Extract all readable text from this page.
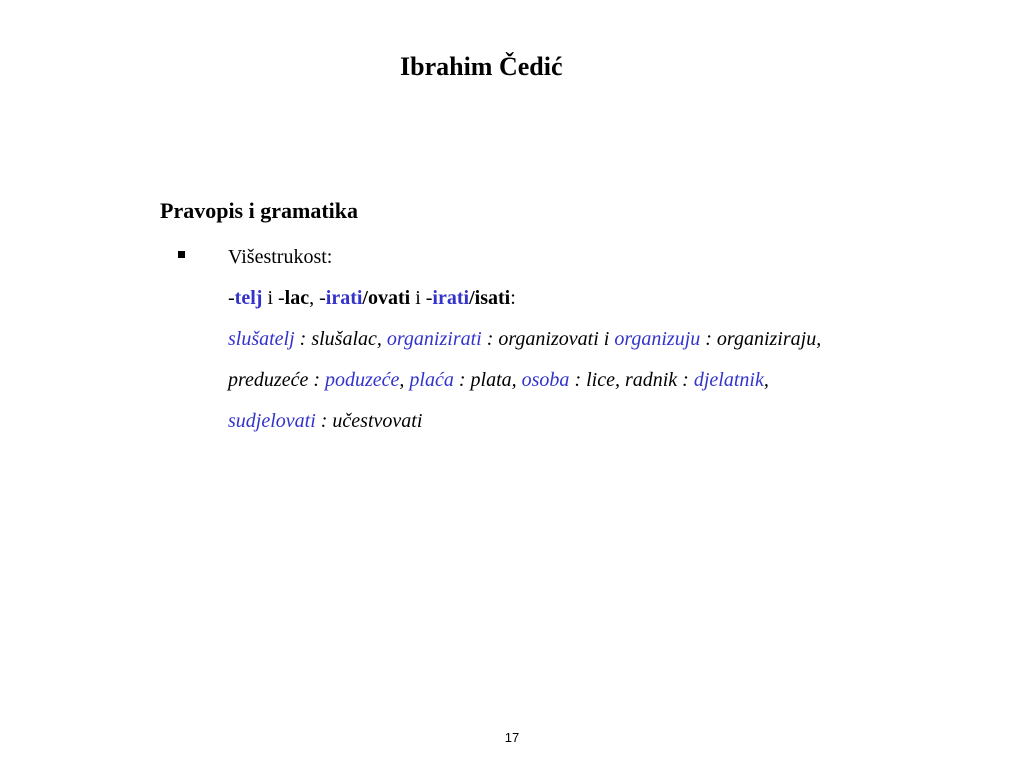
Ibrahim Čedić
Pravopis i gramatika
Višestrukost:
-telj i -lac, -irati/ovati i -irati/isati:
slušatelj : slušalac, organizirati : organizovati i organizuju : organiziraju,
preduzeće : poduzeće, plaća : plata, osoba : lice, radnik : djelatnik,
sudjelovati : učestvovati
17
